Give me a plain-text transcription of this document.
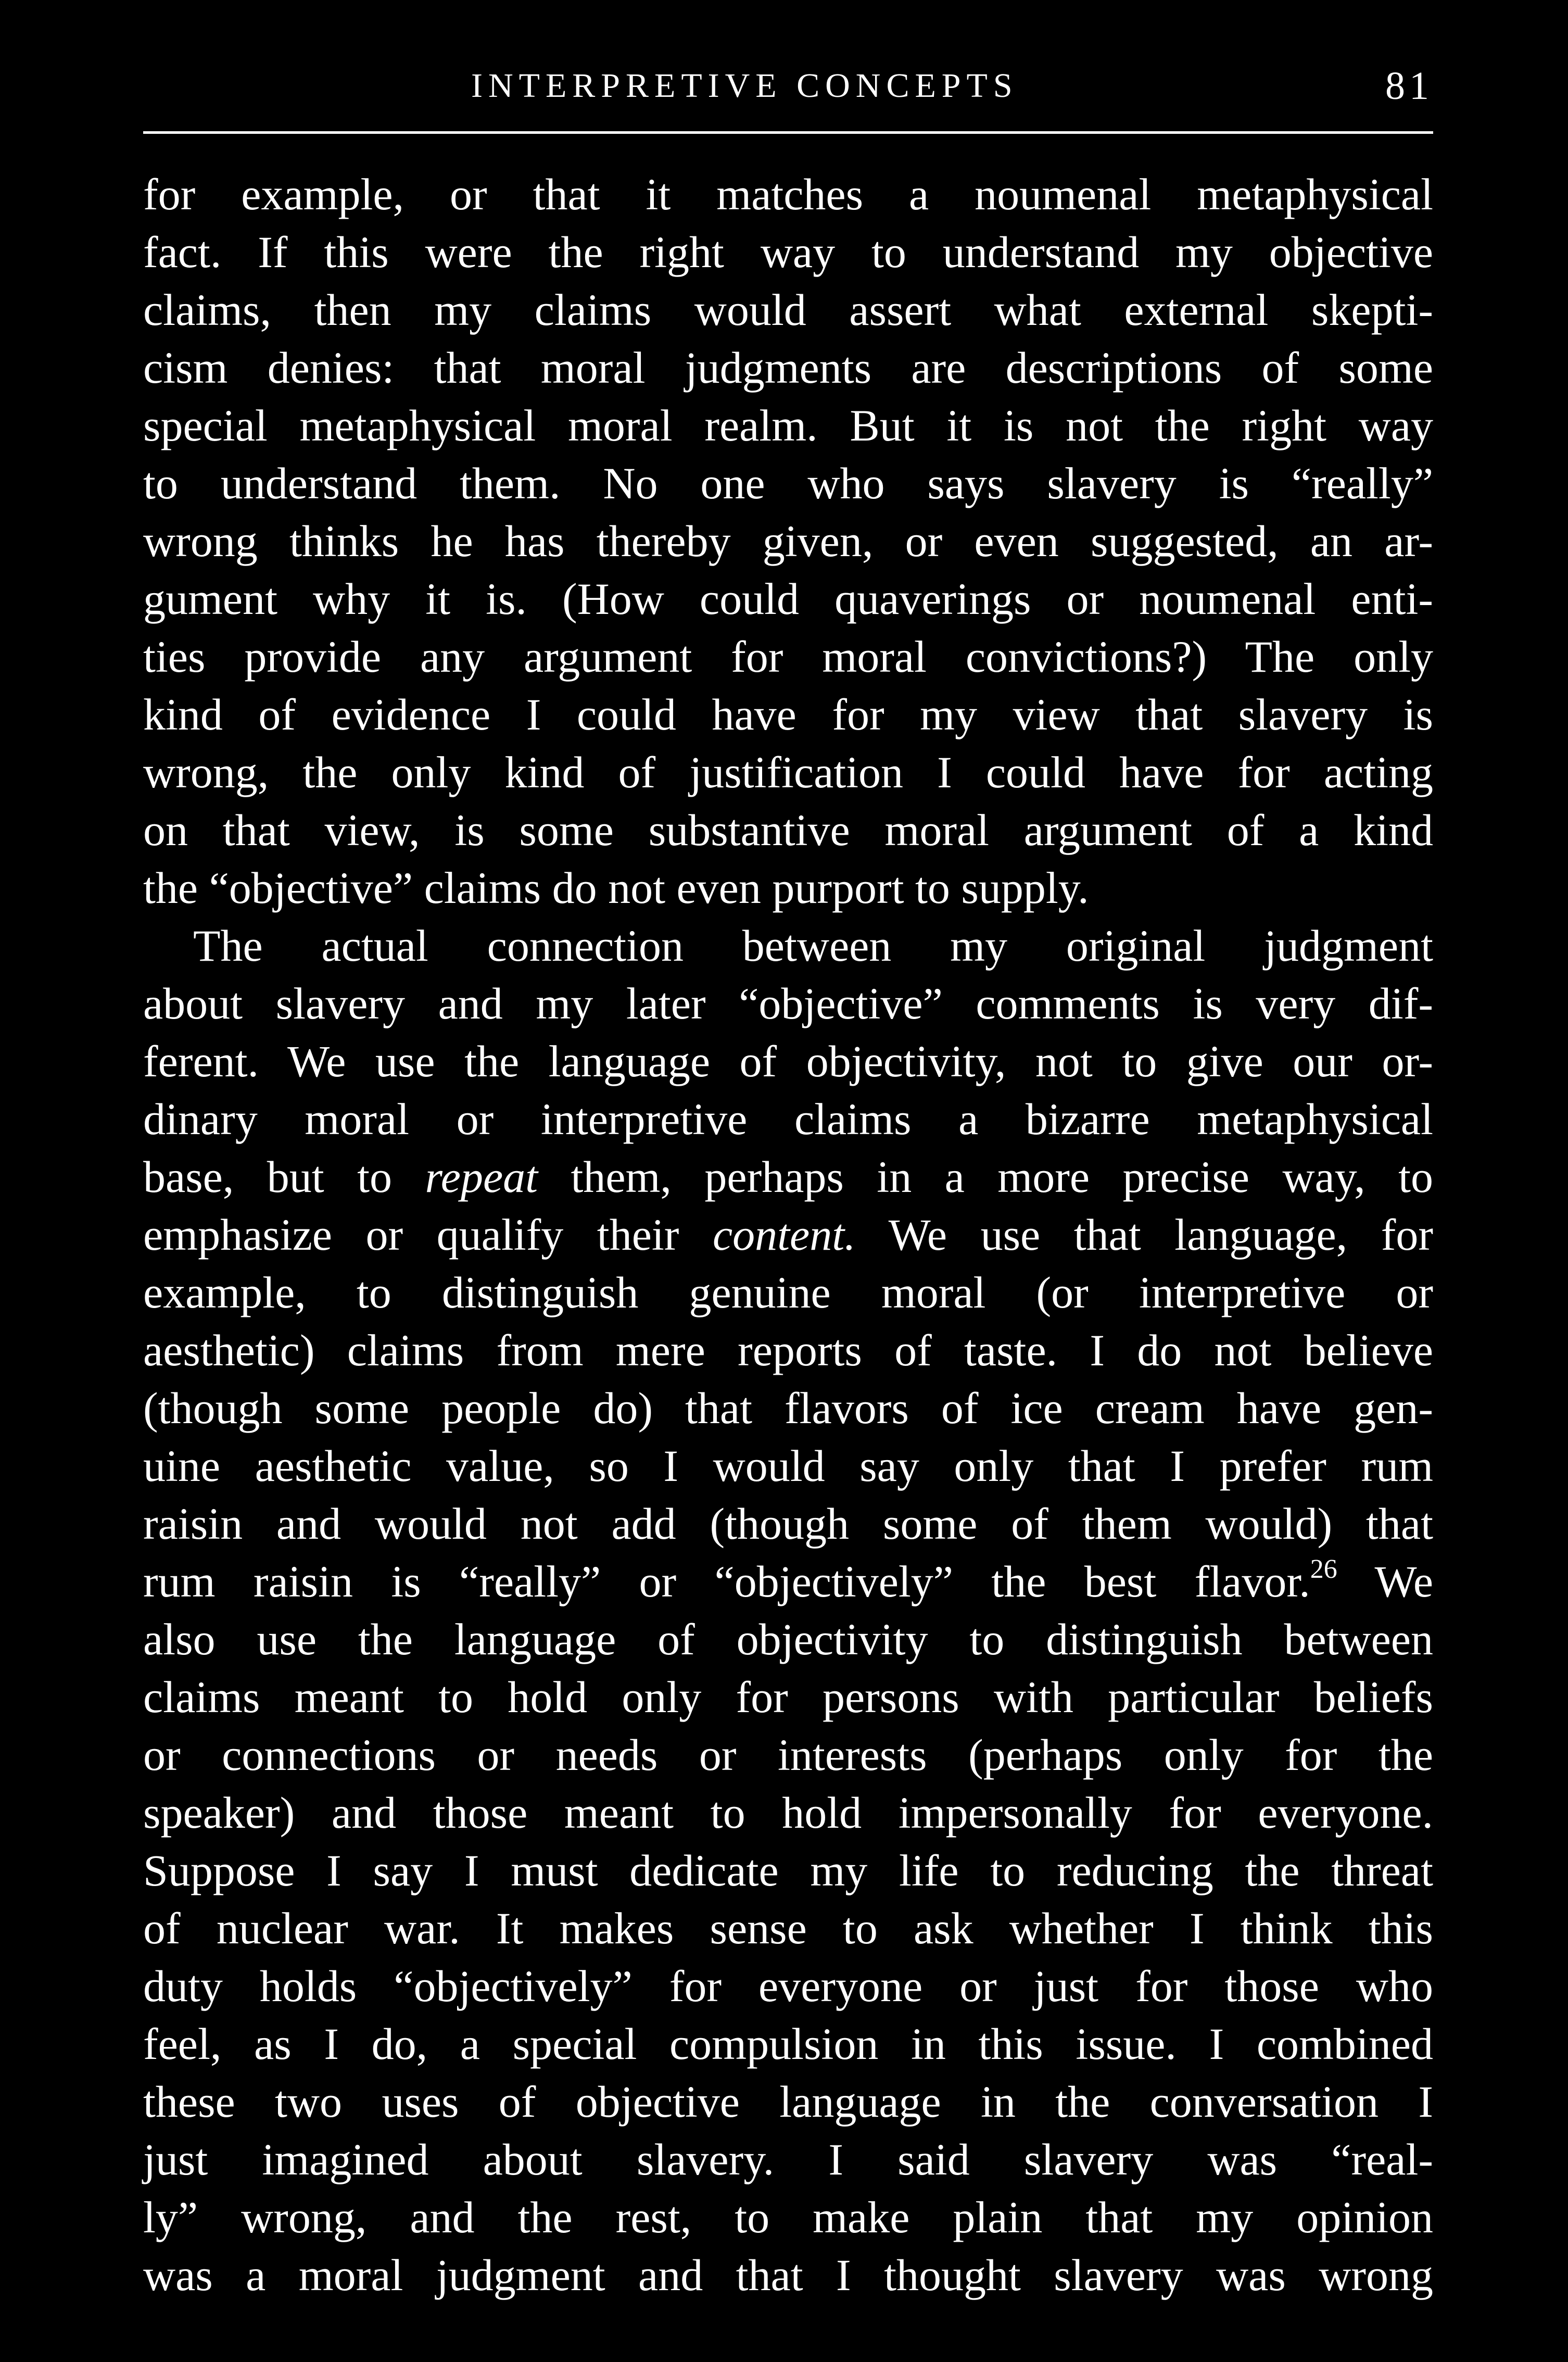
INTERPRETIVE CONCEPTS	81
for example, or that it matches a noumenal metaphysical
fact. If this were the right way to understand my objective
claims, then my claims would assert what external skepti-
cism denies: that moral judgments are descriptions of some
special metaphysical moral realm. But it is not the right way
to understand them. No one who says slavery is “really”
wrong thinks he has thereby given, or even suggested, an ar-
gument why it is. (How could quaverings or noumenal enti-
ties provide any argument for moral convictions?) The only
kind of evidence I could have for my view that slavery is
wrong, the only kind of justification I could have for acting
on that view, is some substantive moral argument of a kind
the “objective” claims do not even purport to supply.
The actual connection between my original judgment
about slavery and my later “objective” comments is very dif-
ferent. We use the language of objectivity, not to give our or-
dinary moral or interpretive claims a bizarre metaphysical
base, but to repeat them, perhaps in a more precise way, to
emphasize or qualify their content. We use that language, for
example, to distinguish genuine moral (or interpretive or
aesthetic) claims from mere reports of taste. I do not believe
(though some people do) that flavors of ice cream have gen-
uine aesthetic value, so I would say only that I prefer rum
raisin and would not add (though some of them would) that
rum raisin is “really” or “objectively” the best flavor.$^{26}$ We
also use the language of objectivity to distinguish between
claims meant to hold only for persons with particular beliefs
or connections or needs or interests (perhaps only for the
speaker) and those meant to hold impersonally for everyone.
Suppose I say I must dedicate my life to reducing the threat
of nuclear war. It makes sense to ask whether I think this
duty holds “objectively” for everyone or just for those who
feel, as I do, a special compulsion in this issue. I combined
these two uses of objective language in the conversation I
just imagined about slavery. I said slavery was “real-
ly” wrong, and the rest, to make plain that my opinion
was a moral judgment and that I thought slavery was wrong
